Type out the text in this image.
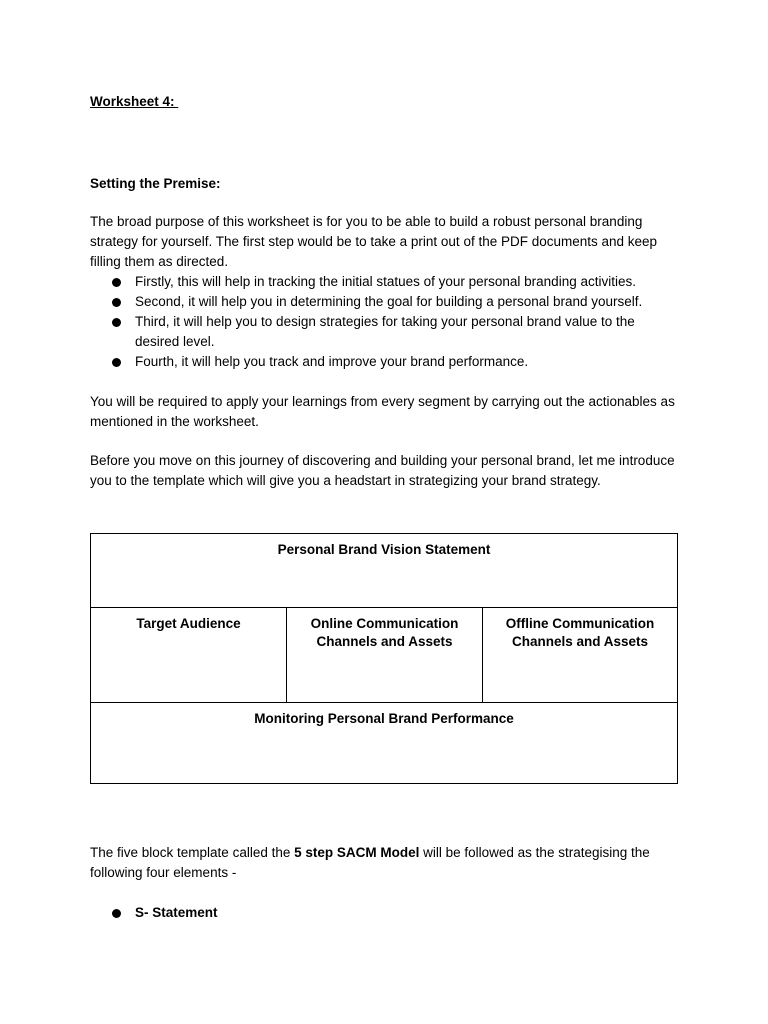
Worksheet 4:

Setting the Premise:

The broad purpose of this worksheet is for you to be able to build a robust personal branding strategy for yourself. The first step would be to take a print out of the PDF documents and keep filling them as directed.

Firstly, this will help in tracking the initial statues of your personal branding activities.
Second, it will help you in determining the goal for building a personal brand yourself.
Third, it will help you to design strategies for taking your personal brand value to the desired level.
Fourth, it will help you track and improve your brand performance.

You will be required to apply your learnings from every segment by carrying out the actionables as mentioned in the worksheet.

Before you move on this journey of discovering and building your personal brand, let me introduce you to the template which will give you a headstart in strategizing your brand strategy.

Personal Brand Vision Statement
Target Audience	Online Communication Channels and Assets
Offline Communication Channels and Assets
Monitoring Personal Brand Performance

The five block template called the 5 step SACM Model will be followed as the strategising the following four elements -

S- Statement
